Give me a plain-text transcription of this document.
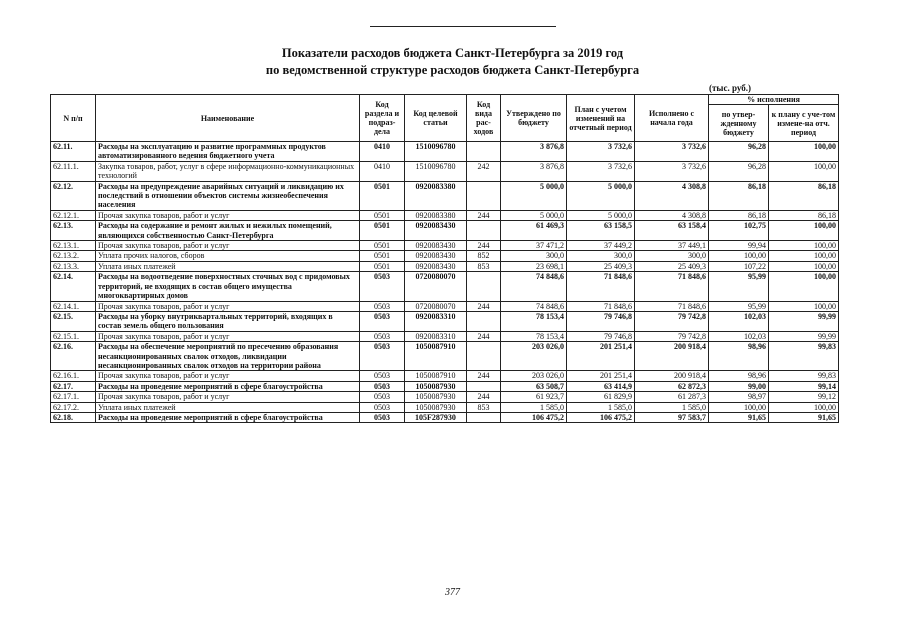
Показатели расходов бюджета Санкт-Петербурга за 2019 год
по ведомственной структуре расходов бюджета Санкт-Петербурга
(тыс. руб.)
N п/п	Наименование	Код раздела и подраз-дела	Код целевой статьи	Код вида рас-ходов	Утверждено по бюджету	План с учетом изменений на отчетный период	Исполнено с начала года	% исполнения	
								по утвер-жденному бюджету	к плану с уче-том измене-на отч. период
62.11.	Расходы на эксплуатацию и развитие программных продуктов автоматизированного ведения бюджетного учета	0410	1510096780		3 876,8	3 732,6	3 732,6	96,28	100,00
62.11.1.	Закупка товаров, работ, услуг в сфере информационно-коммуникационных технологий	0410	1510096780	242	3 876,8	3 732,6	3 732,6	96,28	100,00
62.12.	Расходы на предупреждение аварийных ситуаций и ликвидацию их последствий в отношении объектов системы жизнеобеспечения населения	0501	0920083380		5 000,0	5 000,0	4 308,8	86,18	86,18
62.12.1.	Прочая закупка товаров, работ и услуг	0501	0920083380	244	5 000,0	5 000,0	4 308,8	86,18	86,18
62.13.	Расходы на содержание и ремонт жилых и нежилых помещений, являющихся собственностью Санкт-Петербурга	0501	0920083430		61 469,3	63 158,5	63 158,4	102,75	100,00
62.13.1.	Прочая закупка товаров, работ и услуг	0501	0920083430	244	37 471,2	37 449,2	37 449,1	99,94	100,00
62.13.2.	Уплата прочих налогов, сборов	0501	0920083430	852	300,0	300,0	300,0	100,00	100,00
62.13.3.	Уплата иных платежей	0501	0920083430	853	23 698,1	25 409,3	25 409,3	107,22	100,00
62.14.	Расходы на водоотведение поверхностных сточных вод с придомовых территорий, не входящих в состав общего имущества многоквартирных домов	0503	0720080070		74 848,6	71 848,6	71 848,6	95,99	100,00
62.14.1.	Прочая закупка товаров, работ и услуг	0503	0720080070	244	74 848,6	71 848,6	71 848,6	95,99	100,00
62.15.	Расходы на уборку внутриквартальных территорий, входящих в состав земель общего пользования	0503	0920083310		78 153,4	79 746,8	79 742,8	102,03	99,99
62.15.1.	Прочая закупка товаров, работ и услуг	0503	0920083310	244	78 153,4	79 746,8	79 742,8	102,03	99,99
62.16.	Расходы на обеспечение мероприятий по пресечению образования несанкционированных свалок отходов, ликвидации несанкционированных свалок отходов на территории района	0503	1050087910		203 026,0	201 251,4	200 918,4	98,96	99,83
62.16.1.	Прочая закупка товаров, работ и услуг	0503	1050087910	244	203 026,0	201 251,4	200 918,4	98,96	99,83
62.17.	Расходы на проведение мероприятий в сфере благоустройства	0503	1050087930		63 508,7	63 414,9	62 872,3	99,00	99,14
62.17.1.	Прочая закупка товаров, работ и услуг	0503	1050087930	244	61 923,7	61 829,9	61 287,3	98,97	99,12
62.17.2.	Уплата иных платежей	0503	1050087930	853	1 585,0	1 585,0	1 585,0	100,00	100,00
62.18.	Расходы на проведение мероприятий в сфере благоустройства	0503	105F287930		106 475,2	106 475,2	97 583,7	91,65	91,65
377
